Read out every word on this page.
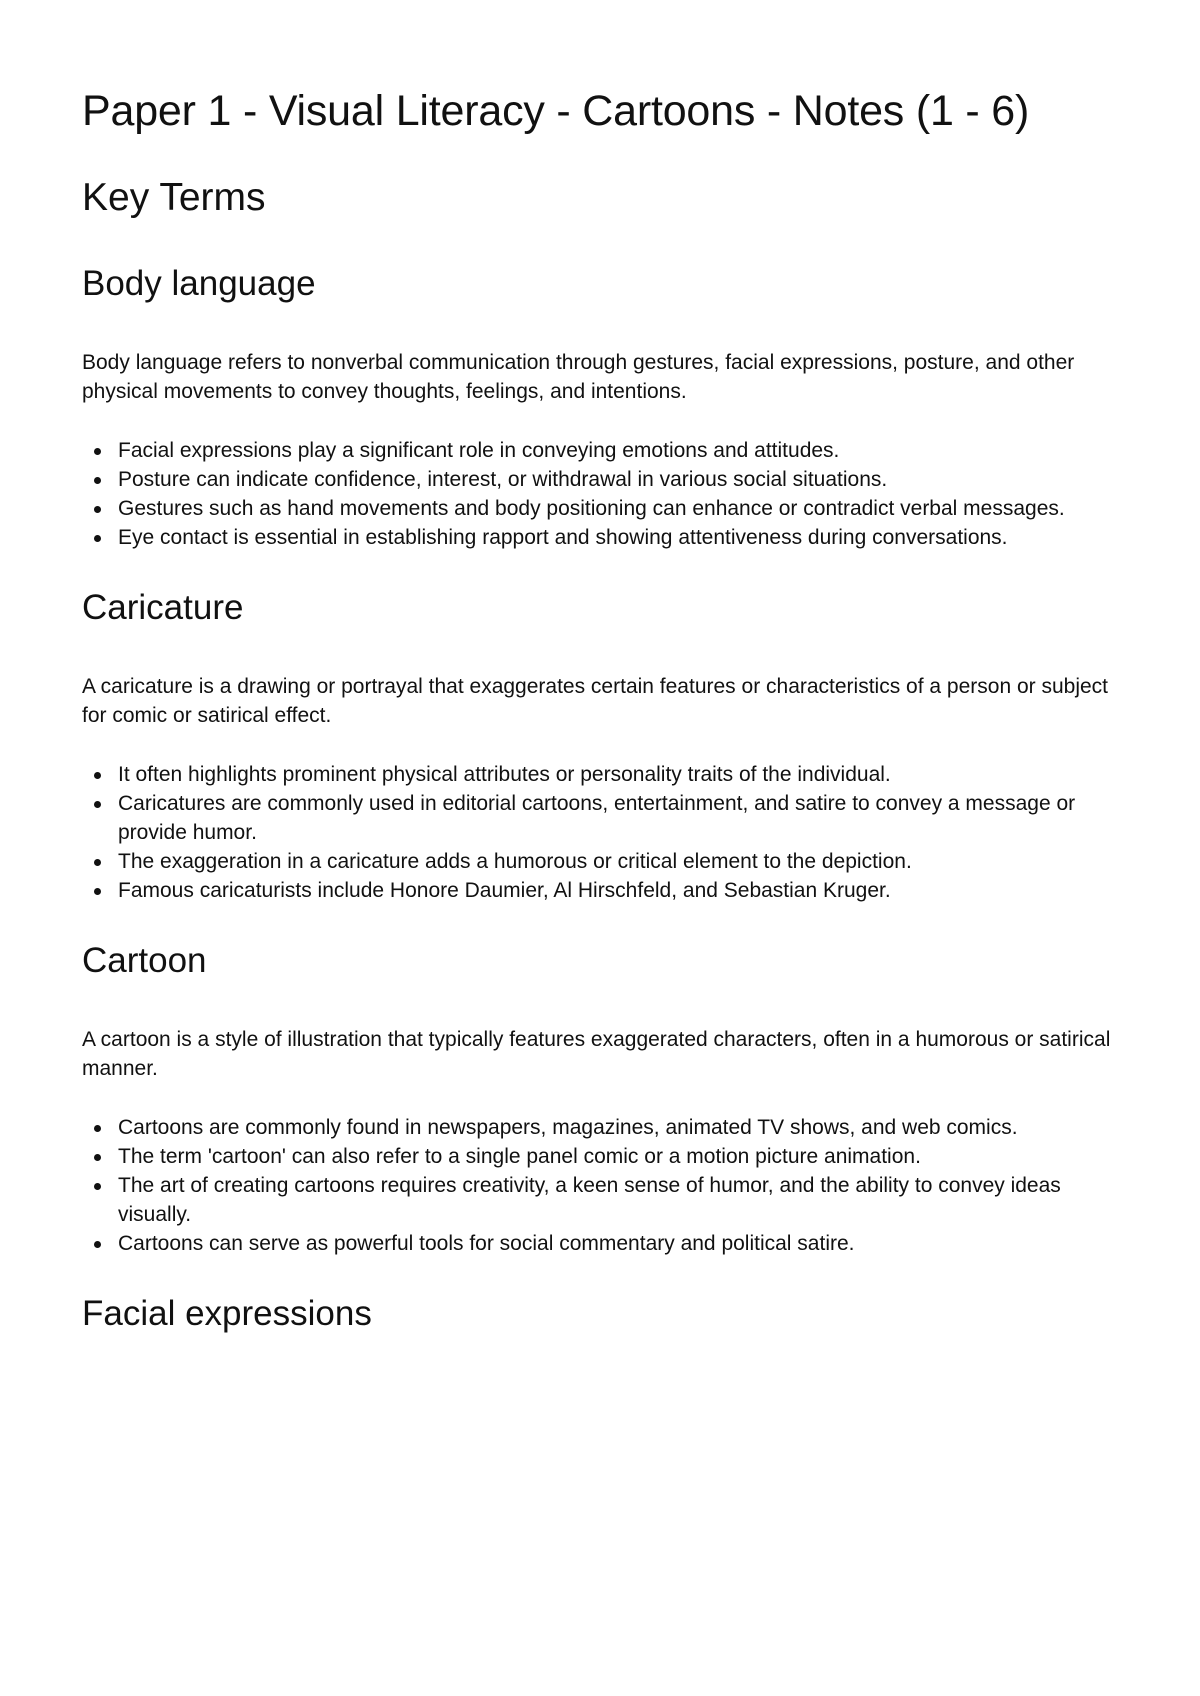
Paper 1 - Visual Literacy - Cartoons - Notes (1 - 6)
Key Terms
Body language

Body language refers to nonverbal communication through gestures, facial expressions, posture, and other physical movements to convey thoughts, feelings, and intentions.

Facial expressions play a significant role in conveying emotions and attitudes.
Posture can indicate confidence, interest, or withdrawal in various social situations.
Gestures such as hand movements and body positioning can enhance or contradict verbal messages.
Eye contact is essential in establishing rapport and showing attentiveness during conversations.
Caricature

A caricature is a drawing or portrayal that exaggerates certain features or characteristics of a person or subject for comic or satirical effect.

It often highlights prominent physical attributes or personality traits of the individual.
Caricatures are commonly used in editorial cartoons, entertainment, and satire to convey a message or provide humor.
The exaggeration in a caricature adds a humorous or critical element to the depiction.
Famous caricaturists include Honore Daumier, Al Hirschfeld, and Sebastian Kruger.
Cartoon

A cartoon is a style of illustration that typically features exaggerated characters, often in a humorous or satirical manner.

Cartoons are commonly found in newspapers, magazines, animated TV shows, and web comics.
The term 'cartoon' can also refer to a single panel comic or a motion picture animation.
The art of creating cartoons requires creativity, a keen sense of humor, and the ability to convey ideas visually.
Cartoons can serve as powerful tools for social commentary and political satire.
Facial expressions
